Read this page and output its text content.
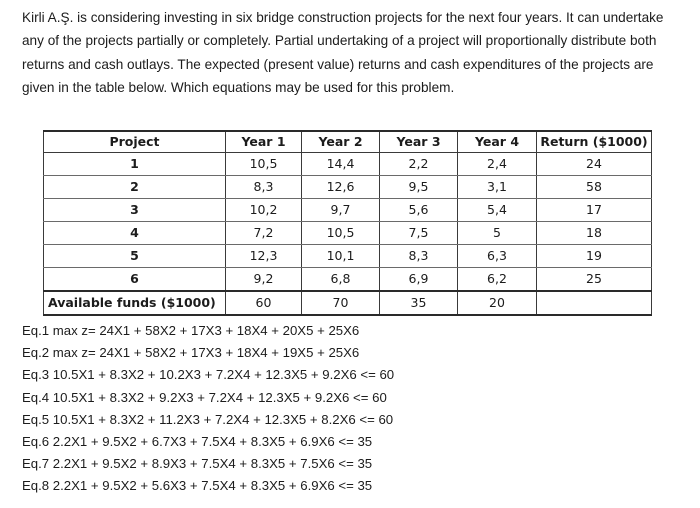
Kirli A.Ş. is considering investing in six bridge construction projects for the next four years. It can undertake any of the projects partially or completely. Partial undertaking of a project will proportionally distribute both returns and cash outlays. The expected (present value) returns and cash expenditures of the projects are given in the table below. Which equations may be used for this problem.

Project	Year 1	Year 2	Year 3	Year 4	Return ($1000)
1	10,5	14,4	2,2	2,4	24
2	8,3	12,6	9,5	3,1	58
3	10,2	9,7	5,6	5,4	17
4	7,2	10,5	7,5	5	18
5	12,3	10,1	8,3	6,3	19
6	9,2	6,8	6,9	6,2	25
Available funds ($1000)	60	70	35	20	
Eq.1 max z= 24X1 + 58X2 + 17X3 + 18X4 + 20X5 + 25X6
Eq.2 max z= 24X1 + 58X2 + 17X3 + 18X4 + 19X5 + 25X6
Eq.3 10.5X1 + 8.3X2 + 10.2X3 + 7.2X4 + 12.3X5 + 9.2X6 <= 60
Eq.4 10.5X1 + 8.3X2 + 9.2X3 + 7.2X4 + 12.3X5 + 9.2X6 <= 60
Eq.5 10.5X1 + 8.3X2 + 11.2X3 + 7.2X4 + 12.3X5 + 8.2X6 <= 60
Eq.6 2.2X1 + 9.5X2 + 6.7X3 + 7.5X4 + 8.3X5 + 6.9X6 <= 35
Eq.7 2.2X1 + 9.5X2 + 8.9X3 + 7.5X4 + 8.3X5 + 7.5X6 <= 35
Eq.8 2.2X1 + 9.5X2 + 5.6X3 + 7.5X4 + 8.3X5 + 6.9X6 <= 35
